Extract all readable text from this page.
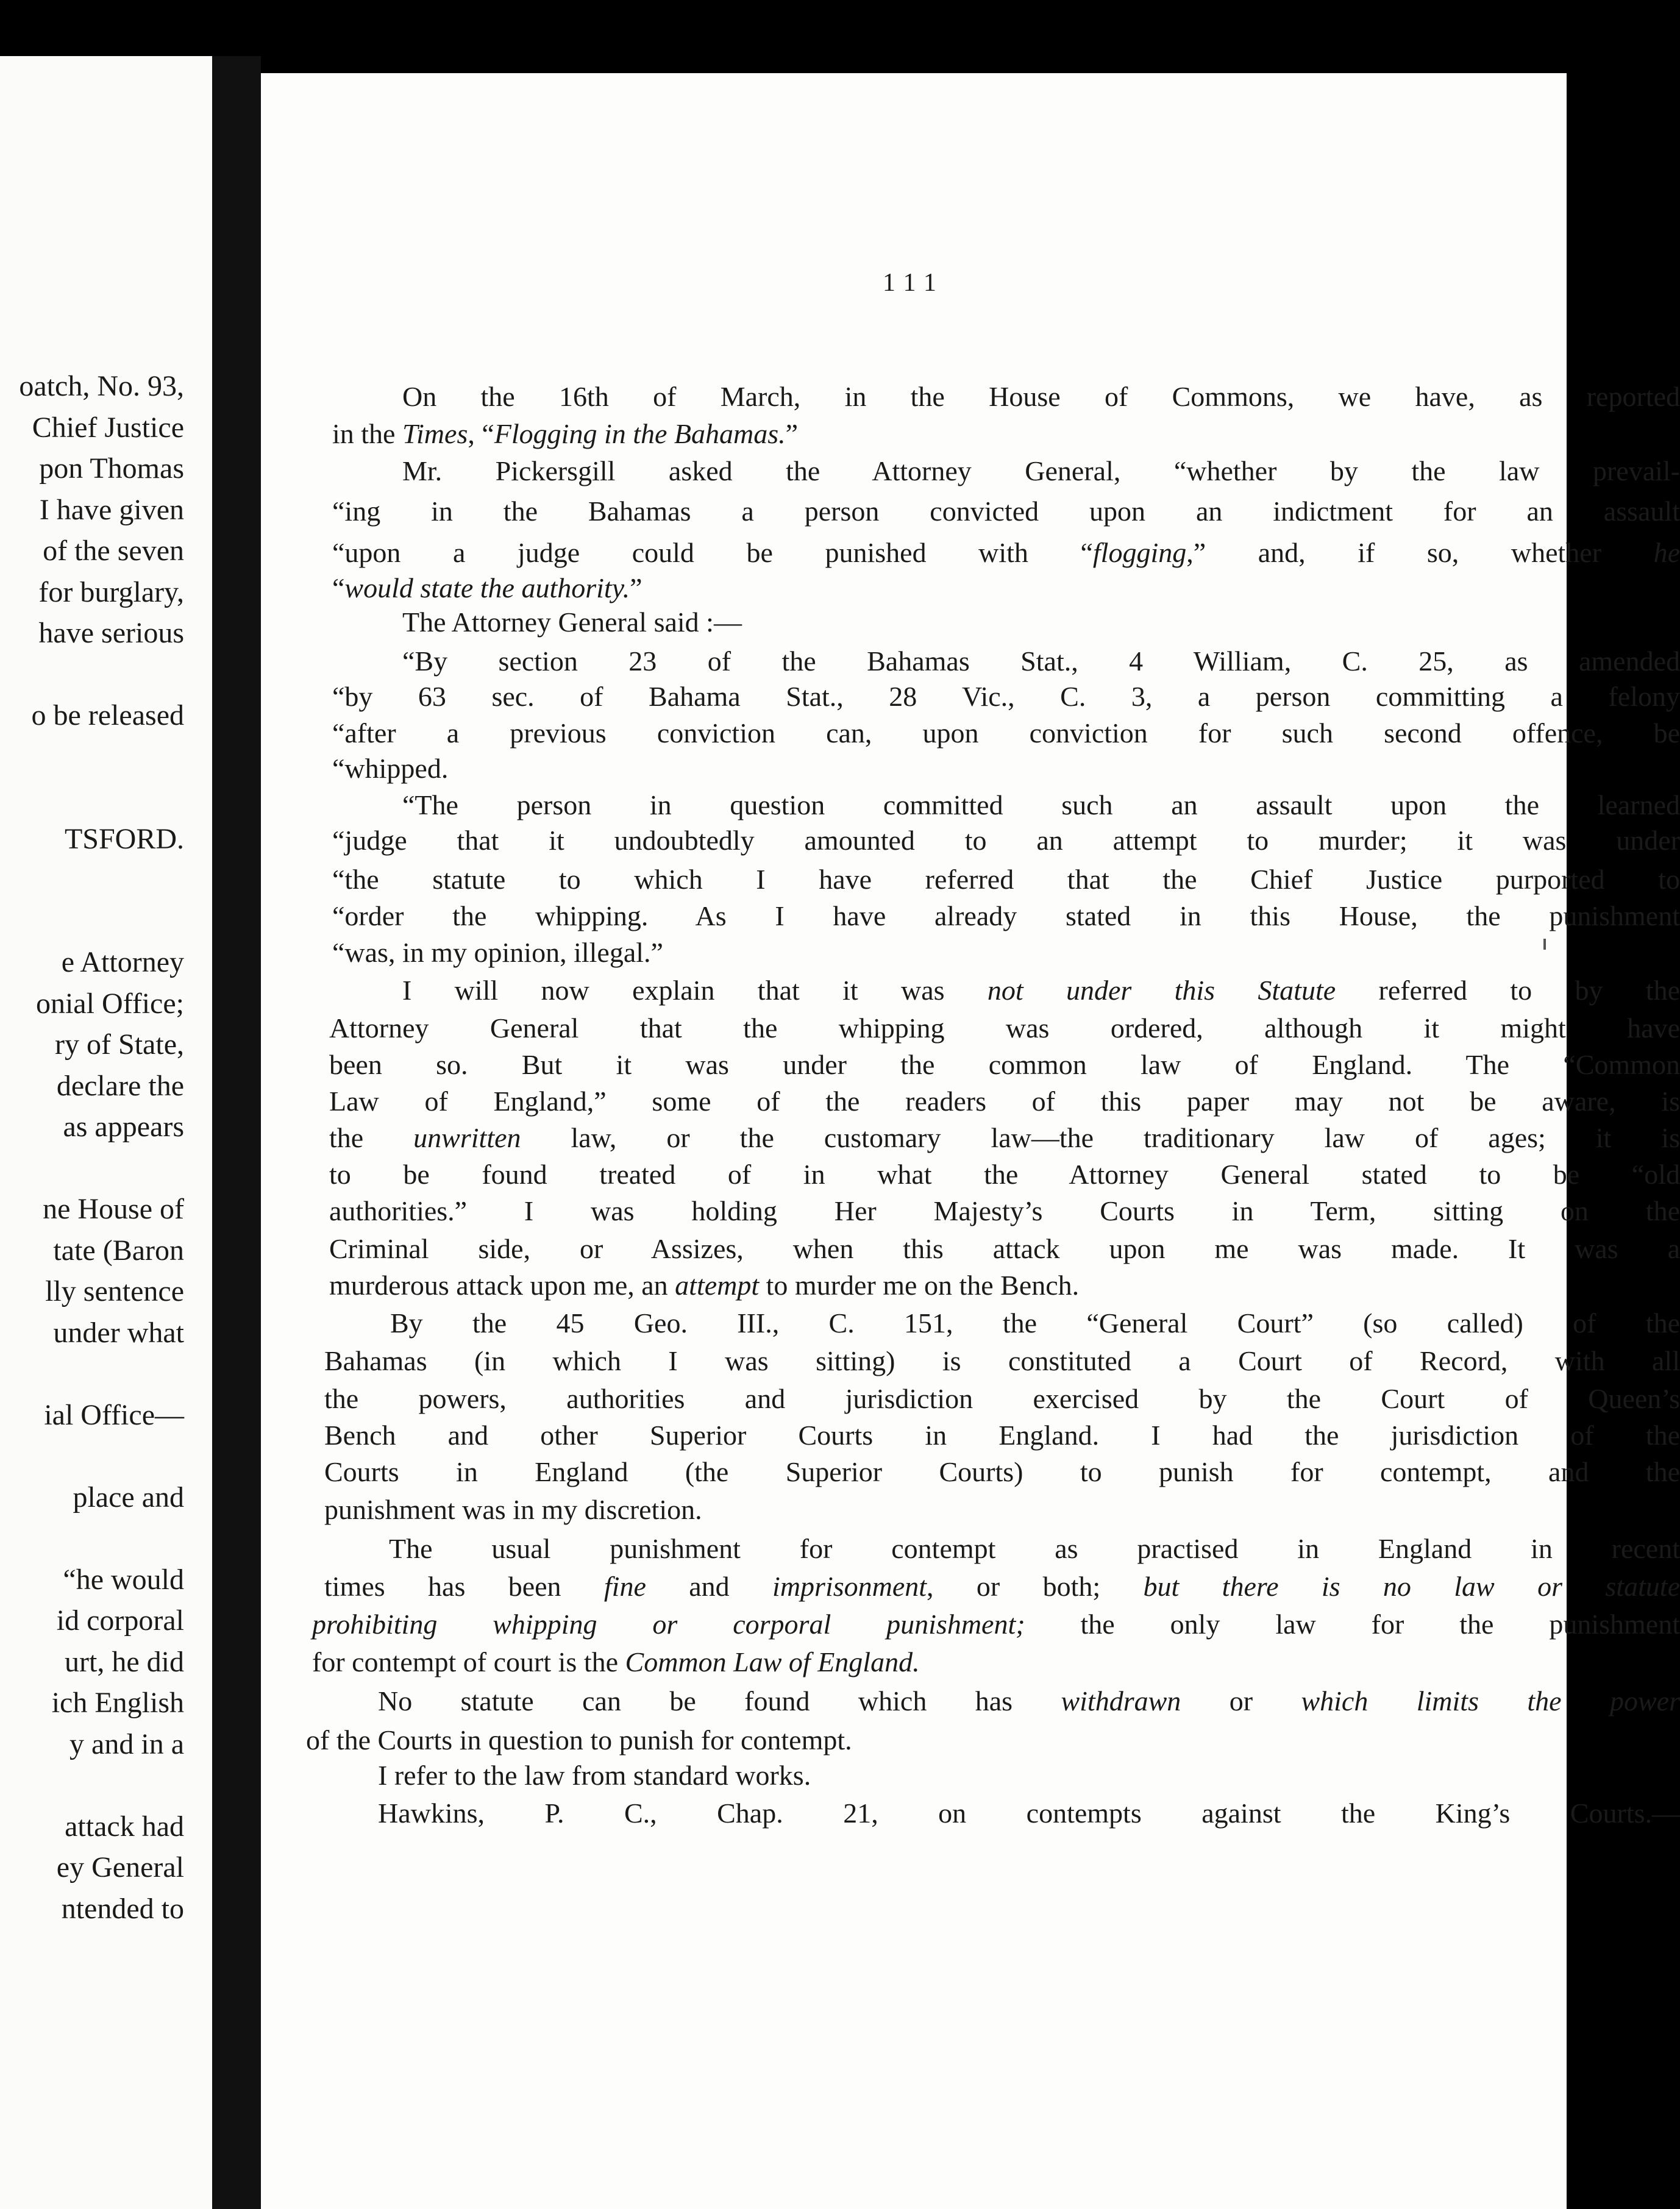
oatch, No. 93,
Chief Justice
pon Thomas
I have given
of the seven
for burglary,
have serious
o be released
TSFORD.
e Attorney
onial Office;
ry of State,
declare the
as appears
ne House of
tate (Baron
lly sentence
under what
ial Office—
place and
“he would
id corporal
urt, he did
ich English
y and in a
attack had
ey General
ntended to
111
On the 16th of March, in the House of Commons, we have, as reported
in the Times, “Flogging in the Bahamas.”
Mr. Pickersgill asked the Attorney General, “whether by the law prevail-
“ing in the Bahamas a person convicted upon an indictment for an assault
“upon a judge could be punished with “flogging,” and, if so, whether he
“would state the authority.”
The Attorney General said :—
“By section 23 of the Bahamas Stat., 4 William, C. 25, as amended
“by 63 sec. of Bahama Stat., 28 Vic., C. 3, a person committing a felony
“after a previous conviction can, upon conviction for such second offence, be
“whipped.
“The person in question committed such an assault upon the learned
“judge that it undoubtedly amounted to an attempt to murder; it was under
“the statute to which I have referred that the Chief Justice purported to
“order the whipping. As I have already stated in this House, the punishment
“was, in my opinion, illegal.”
I will now explain that it was not under this Statute referred to by the
Attorney General that the whipping was ordered, although it might have
been so. But it was under the common law of England. The “Common
Law of England,” some of the readers of this paper may not be aware, is
the unwritten law, or the customary law—the traditionary law of ages; it is
to be found treated of in what the Attorney General stated to be “old
authorities.” I was holding Her Majesty’s Courts in Term, sitting on the
Criminal side, or Assizes, when this attack upon me was made. It was a
murderous attack upon me, an attempt to murder me on the Bench.
By the 45 Geo. III., C. 151, the “General Court” (so called) of the
Bahamas (in which I was sitting) is constituted a Court of Record, with all
the powers, authorities and jurisdiction exercised by the Court of Queen’s
Bench and other Superior Courts in England. I had the jurisdiction of the
Courts in England (the Superior Courts) to punish for contempt, and the
punishment was in my discretion.
The usual punishment for contempt as practised in England in recent
times has been fine and imprisonment, or both; but there is no law or statute
prohibiting whipping or corporal punishment; the only law for the punishment
for contempt of court is the Common Law of England.
No statute can be found which has withdrawn or which limits the power
of the Courts in question to punish for contempt.
I refer to the law from standard works.
Hawkins, P. C., Chap. 21, on contempts against the King’s Courts.—
